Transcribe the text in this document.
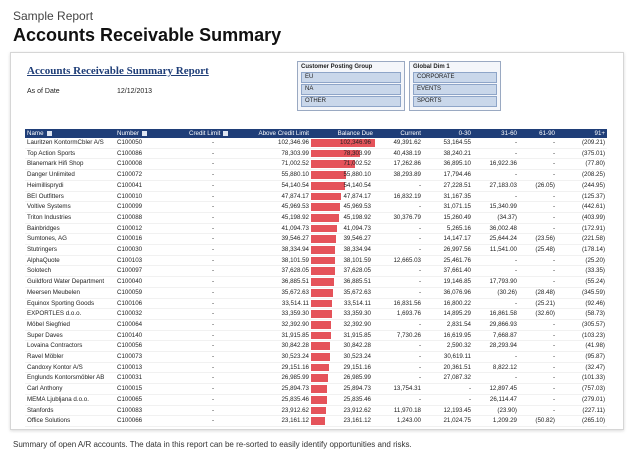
Sample Report
Accounts Receivable Summary
Accounts Receivable Summary Report
As of Date	12/12/2013
Customer Posting Group
EU
NA
OTHER
Global Dim 1
CORPORATE
EVENTS
SPORTS
Name	Number	Credit Limit	Above Credit Limit	Balance Due	Current	0-30	31-60	61-90	91+
Lauritzen KontormCbler A/S	C100050	-	102,346.96	102,346.96	49,391.62	53,164.55	-	-	(209.21)
Top Action Sports	C100086	-	78,303.99	78,303.99	40,438.19	38,240.21	-	-	(375.01)
Blanemark Hifi Shop	C100008	-	71,002.52	71,002.52	17,262.86	36,895.10	16,922.36	-	(77.80)
Danger Unlimited	C100072	-	55,880.10	55,880.10	38,293.89	17,794.46	-	-	(208.25)
Heimillisprydi	C100041	-	54,140.54	54,140.54	-	27,228.51	27,183.03	(26.05)	(244.95)
BEI Outfitters	C100010	-	47,874.17	47,874.17	16,832.19	31,167.35	-	-	(125.37)
Voltive Systems	C100099	-	45,969.53	45,969.53	-	31,071.15	15,340.99	-	(442.61)
Triton Industries	C100088	-	45,198.92	45,198.92	30,376.79	15,260.49	(34.37)	-	(403.99)
Bainbridges	C100012	-	41,094.73	41,094.73	-	5,265.16	36,002.48	-	(172.91)
Sumtones, AG	C100016	-	39,546.27	39,546.27	-	14,147.17	25,644.24	(23.56)	(221.58)
Stutringers	C100030	-	38,334.94	38,334.94	-	26,997.56	11,541.00	(25.48)	(178.14)
AlphaQuote	C100103	-	38,101.59	38,101.59	12,665.03	25,461.76	-	-	(25.20)
Solotech	C100097	-	37,628.05	37,628.05	-	37,661.40	-	-	(33.35)
Guildford Water Department	C100040	-	36,885.51	36,885.51	-	19,146.85	17,793.90	-	(55.24)
Meersen Meubelen	C100059	-	35,672.63	35,672.63	-	36,076.96	(30.26)	(28.48)	(345.59)
Equinox Sporting Goods	C100106	-	33,514.11	33,514.11	16,831.56	16,800.22	-	(25.21)	(92.46)
EXPORTLES d.o.o.	C100032	-	33,359.30	33,359.30	1,693.76	14,895.29	16,861.58	(32.60)	(58.73)
Möbel Siegfried	C100064	-	32,392.90	32,392.90	-	2,831.54	29,866.93	-	(305.57)
Super Daves	C100140	-	31,915.85	31,915.85	7,730.26	16,619.95	7,668.87	-	(103.23)
Lovaina Contractors	C100056	-	30,842.28	30,842.28	-	2,590.32	28,293.94	-	(41.98)
Ravel Möbler	C100073	-	30,523.24	30,523.24	-	30,619.11	-	-	(95.87)
Candoxy Kontor A/S	C100013	-	29,151.16	29,151.16	-	20,361.51	8,822.12	-	(32.47)
Englunds Kontorsmöbler AB	C100031	-	26,985.99	26,985.99	-	27,087.32	-	-	(101.33)
Carl Anthony	C100015	-	25,894.73	25,894.73	13,754.31	-	12,897.45	-	(757.03)
MEMA Ljubljana d.o.o.	C100065	-	25,835.46	25,835.46	-	-	26,114.47	-	(279.01)
Stanfords	C100083	-	23,912.62	23,912.62	11,970.18	12,193.45	(23.90)	-	(227.11)
Office Solutions	C100066	-	23,161.12	23,161.12	1,243.00	21,024.75	1,209.29	(50.82)	(265.10)
Summary of open A/R accounts. The data in this report can be re-sorted to easily identify opportunities and risks.
